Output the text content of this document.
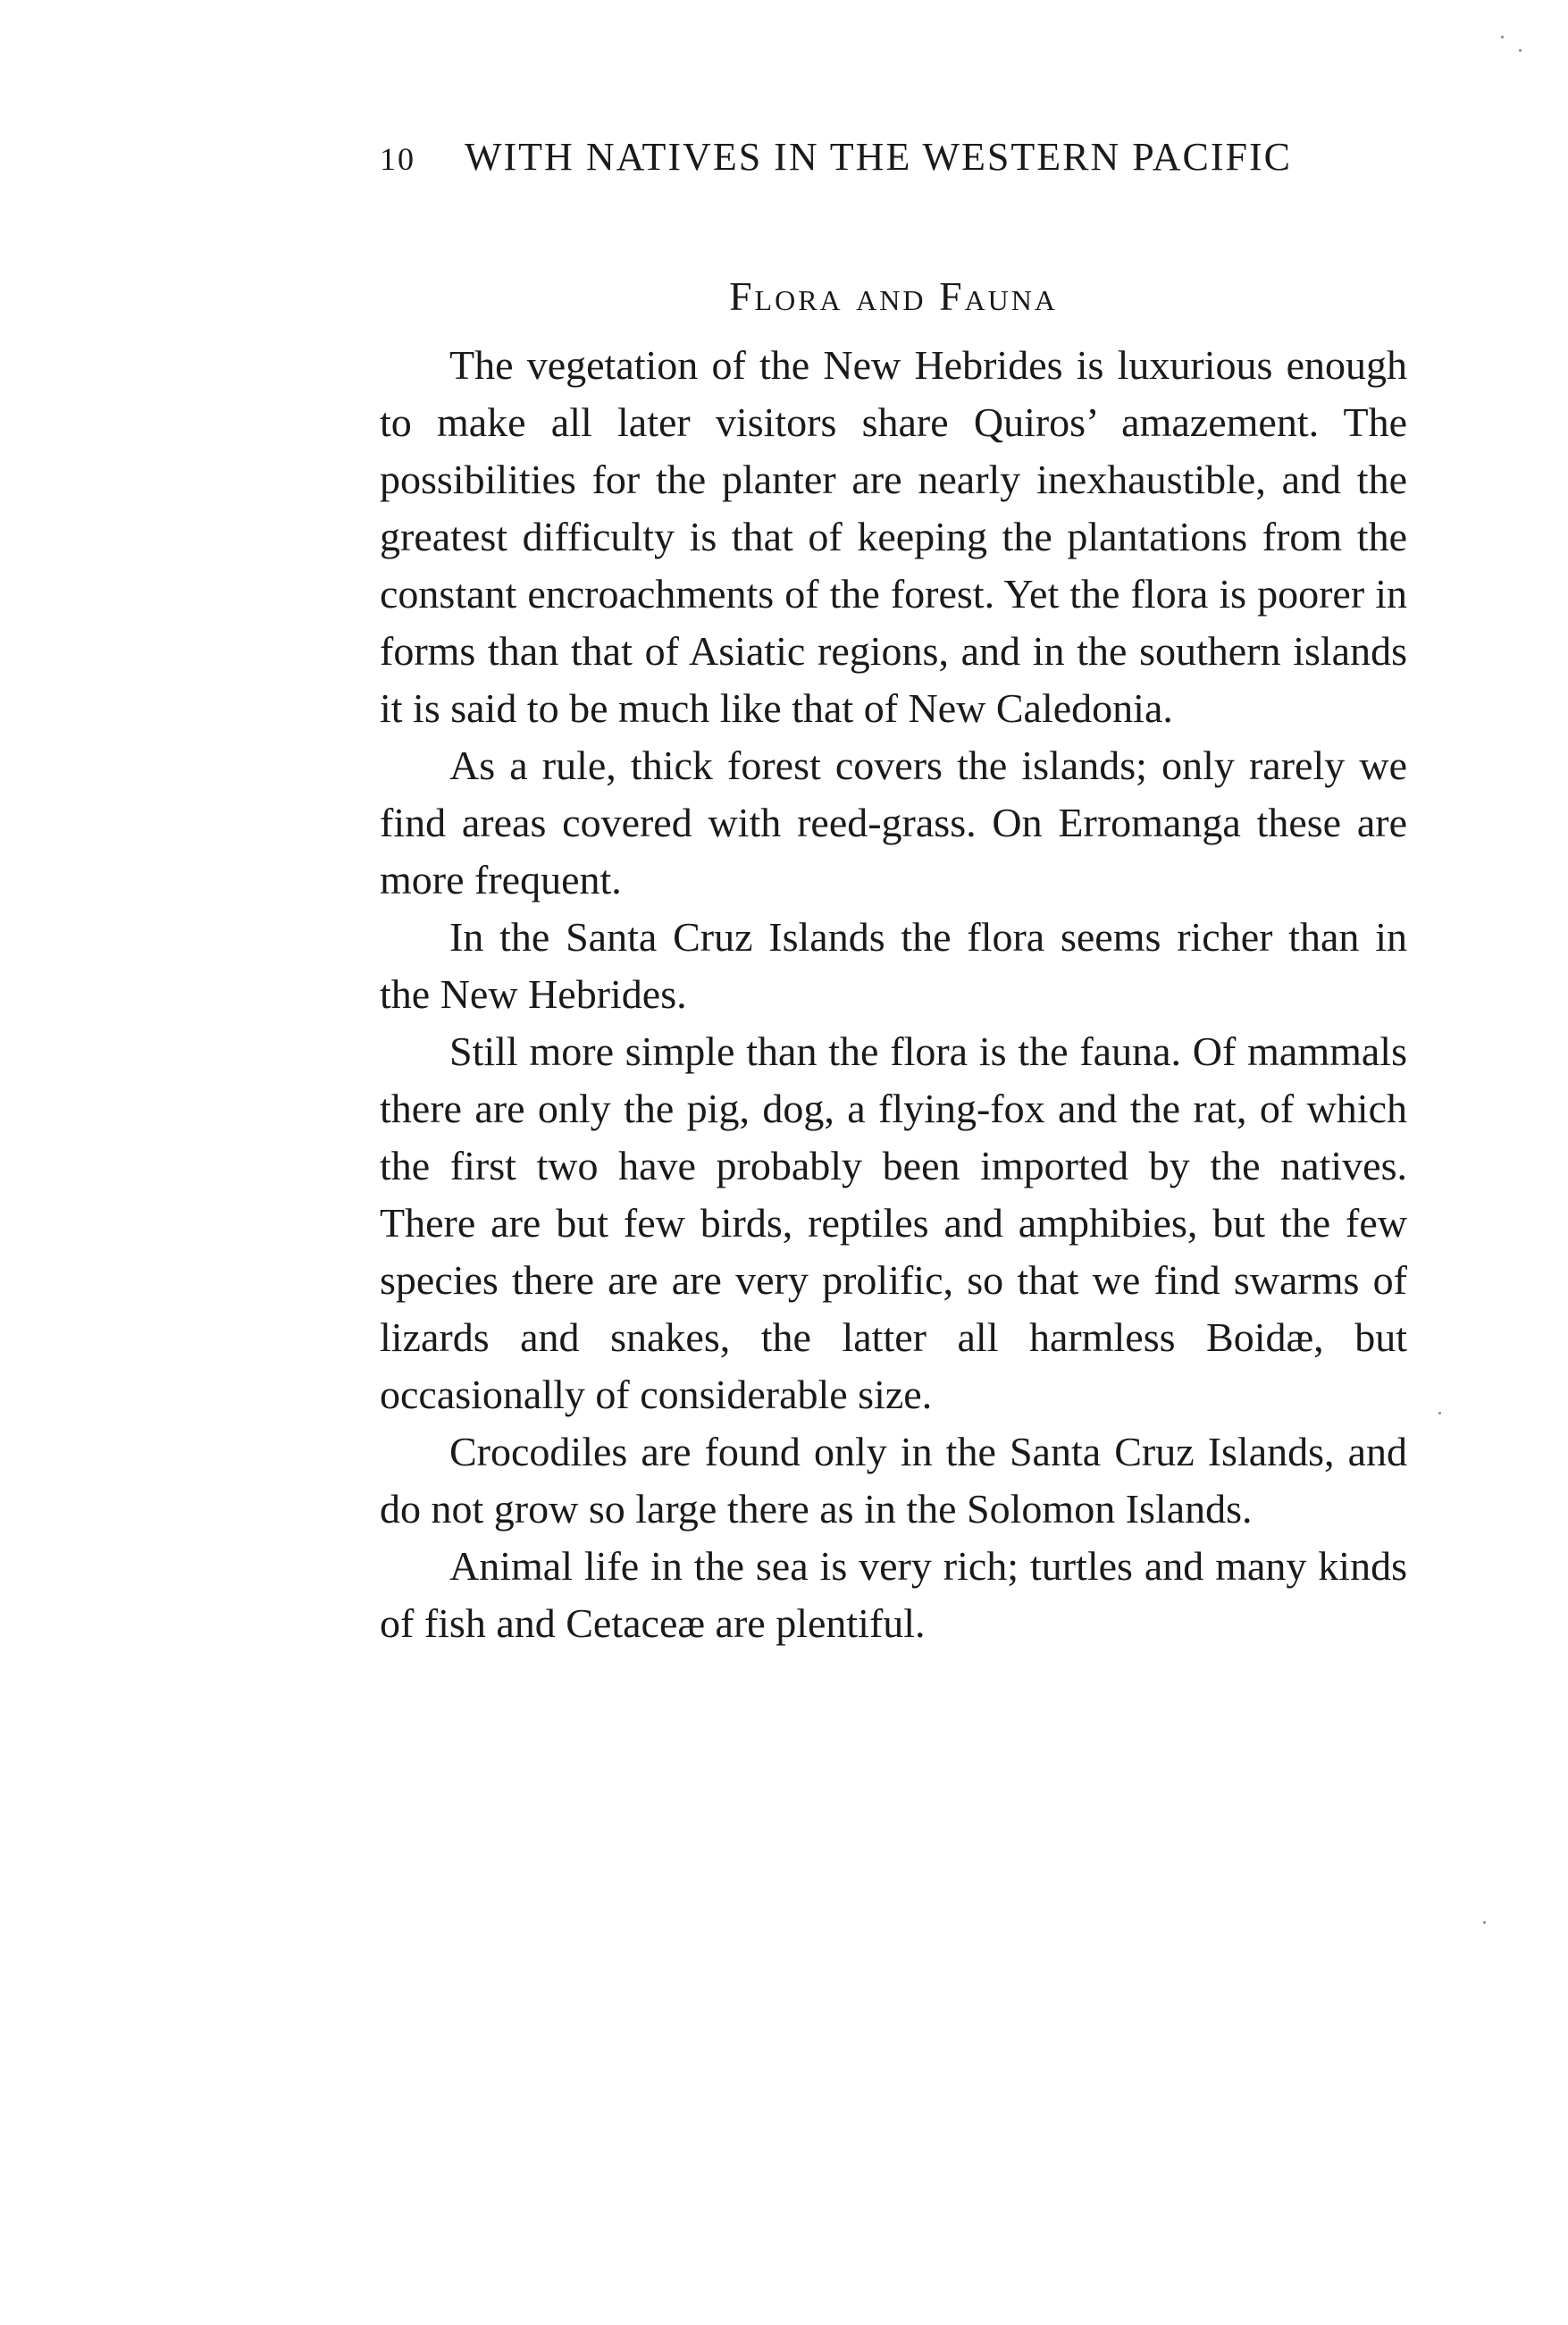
10	WITH NATIVES IN THE WESTERN PACIFIC
Flora and Fauna

The vegetation of the New Hebrides is luxurious enough to make all later visitors share Quiros’ amazement. The possibilities for the planter are nearly inexhaustible, and the greatest difficulty is that of keeping the plantations from the constant encroachments of the forest. Yet the flora is poorer in forms than that of Asiatic regions, and in the southern islands it is said to be much like that of New Caledonia.

As a rule, thick forest covers the islands; only rarely we find areas covered with reed-grass. On Erromanga these are more frequent.

In the Santa Cruz Islands the flora seems richer than in the New Hebrides.

Still more simple than the flora is the fauna. Of mammals there are only the pig, dog, a flying-fox and the rat, of which the first two have probably been imported by the natives. There are but few birds, reptiles and amphibies, but the few species there are are very prolific, so that we find swarms of lizards and snakes, the latter all harmless Boidæ, but occasionally of considerable size.

Crocodiles are found only in the Santa Cruz Islands, and do not grow so large there as in the Solomon Islands.

Animal life in the sea is very rich; turtles and many kinds of fish and Cetaceæ are plentiful.
